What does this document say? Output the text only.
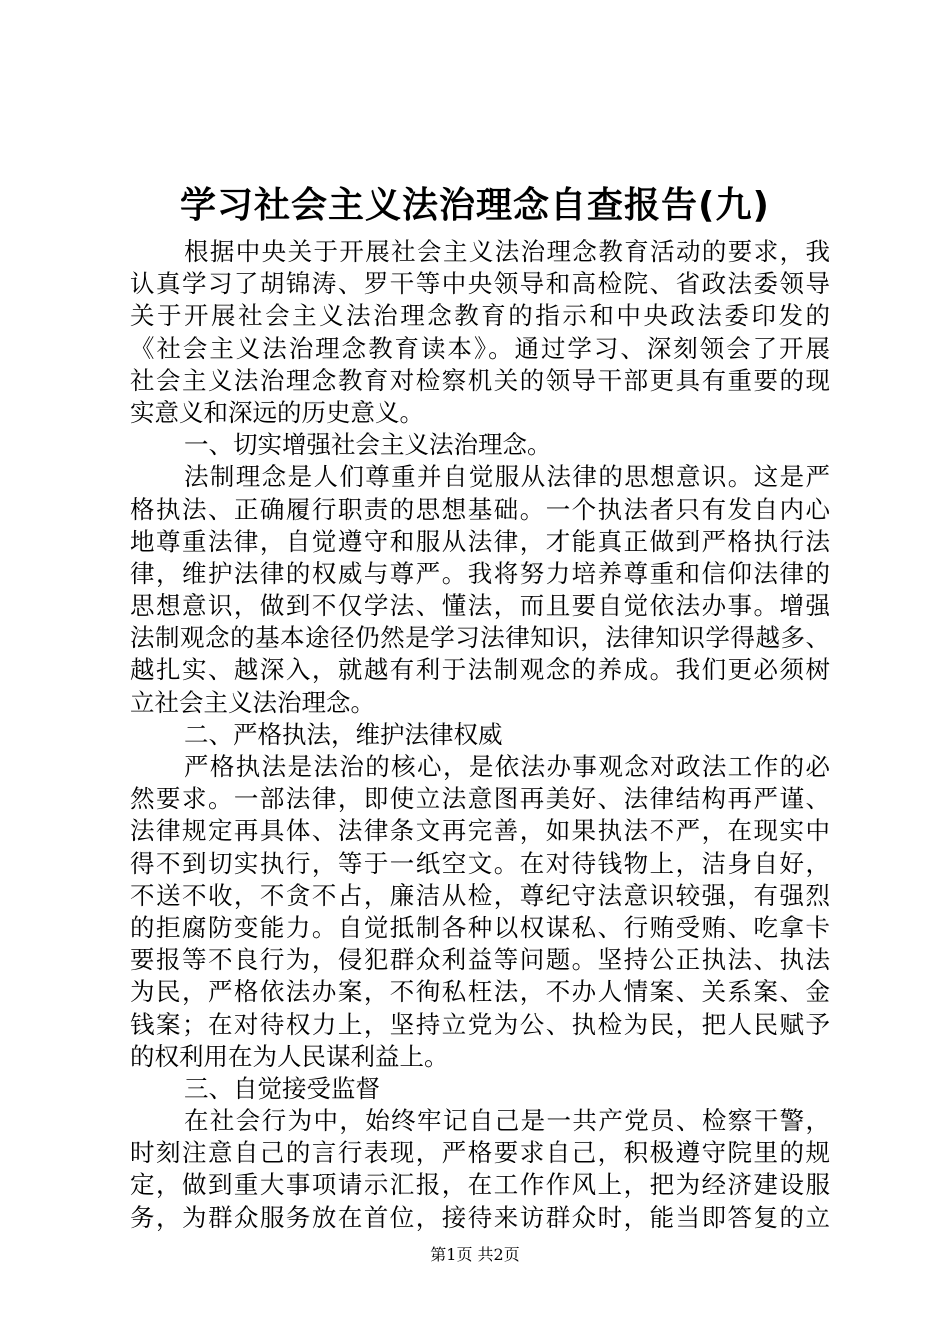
学习社会主义法治理念自查报告(九)
根据中央关于开展社会主义法治理念教育活动的要求，我
认真学习了胡锦涛、罗干等中央领导和高检院、省政法委领导
关于开展社会主义法治理念教育的指示和中央政法委印发的
《社会主义法治理念教育读本》。通过学习、深刻领会了开展
社会主义法治理念教育对检察机关的领导干部更具有重要的现
实意义和深远的历史意义。
一、切实增强社会主义法治理念。
法制理念是人们尊重并自觉服从法律的思想意识。这是严
格执法、正确履行职责的思想基础。一个执法者只有发自内心
地尊重法律，自觉遵守和服从法律，才能真正做到严格执行法
律，维护法律的权威与尊严。我将努力培养尊重和信仰法律的
思想意识，做到不仅学法、懂法，而且要自觉依法办事。增强
法制观念的基本途径仍然是学习法律知识，法律知识学得越多、
越扎实、越深入，就越有利于法制观念的养成。我们更必须树
立社会主义法治理念。
二、严格执法，维护法律权威
严格执法是法治的核心，是依法办事观念对政法工作的必
然要求。一部法律，即使立法意图再美好、法律结构再严谨、
法律规定再具体、法律条文再完善，如果执法不严，在现实中
得不到切实执行，等于一纸空文。在对待钱物上，洁身自好，
不送不收，不贪不占，廉洁从检，尊纪守法意识较强，有强烈
的拒腐防变能力。自觉抵制各种以权谋私、行贿受贿、吃拿卡
要报等不良行为，侵犯群众利益等问题。坚持公正执法、执法
为民，严格依法办案，不徇私枉法，不办人情案、关系案、金
钱案；在对待权力上，坚持立党为公、执检为民，把人民赋予
的权利用在为人民谋利益上。
三、自觉接受监督
在社会行为中，始终牢记自己是一共产党员、检察干警，
时刻注意自己的言行表现，严格要求自己，积极遵守院里的规
定，做到重大事项请示汇报，在工作作风上，把为经济建设服
务，为群众服务放在首位，接待来访群众时，能当即答复的立
第1页 共2页
